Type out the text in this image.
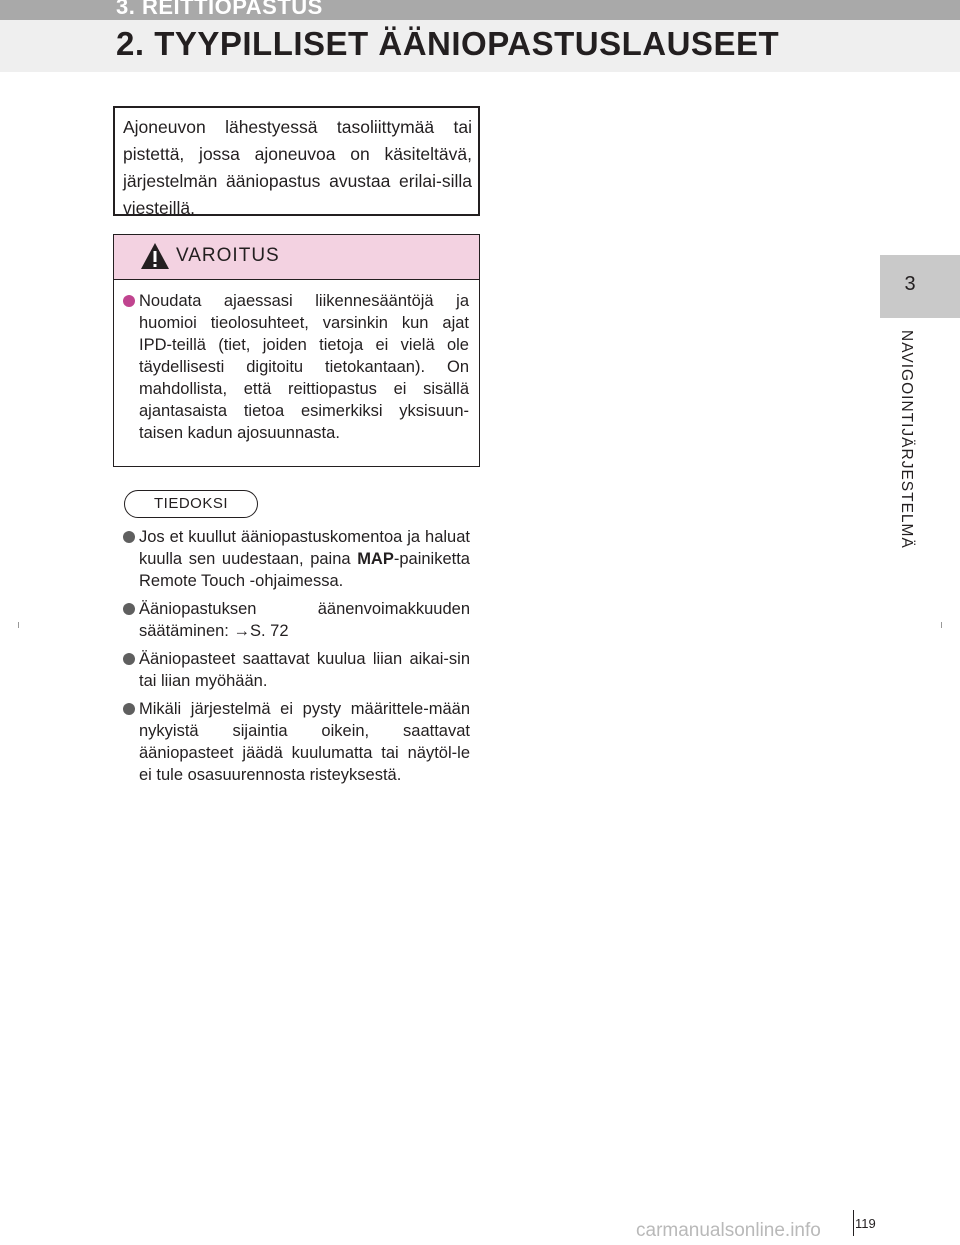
3. REITTIOPASTUS
2. TYYPILLISET ÄÄNIOPASTUSLAUSEET
3
NAVIGOINTIJÄRJESTELMÄ
Ajoneuvon lähestyessä tasoliittymää tai pistettä, jossa ajoneuvoa on käsiteltävä, järjestelmän ääniopastus avustaa erilai-silla viesteillä.
VAROITUS
Noudata ajaessasi liikennesääntöjä ja huomioi tieolosuhteet, varsinkin kun ajat IPD-teillä (tiet, joiden tietoja ei vielä ole täydellisesti digitoitu tietokantaan). On mahdollista, että reittiopastus ei sisällä ajantasaista tietoa esimerkiksi yksisuun-taisen kadun ajosuunnasta.
TIEDOKSI
Jos et kuullut ääniopastuskomentoa ja haluat kuulla sen uudestaan, paina MAP-painiketta Remote Touch -ohjaimessa.
Ääniopastuksen äänenvoimakkuuden säätäminen: →S. 72
Ääniopasteet saattavat kuulua liian aikai-sin tai liian myöhään.
Mikäli järjestelmä ei pysty määrittele-mään nykyistä sijaintia oikein, saattavat ääniopasteet jäädä kuulumatta tai näytöl-le ei tule osasuurennosta risteyksestä.
119
carmanualsonline.info
